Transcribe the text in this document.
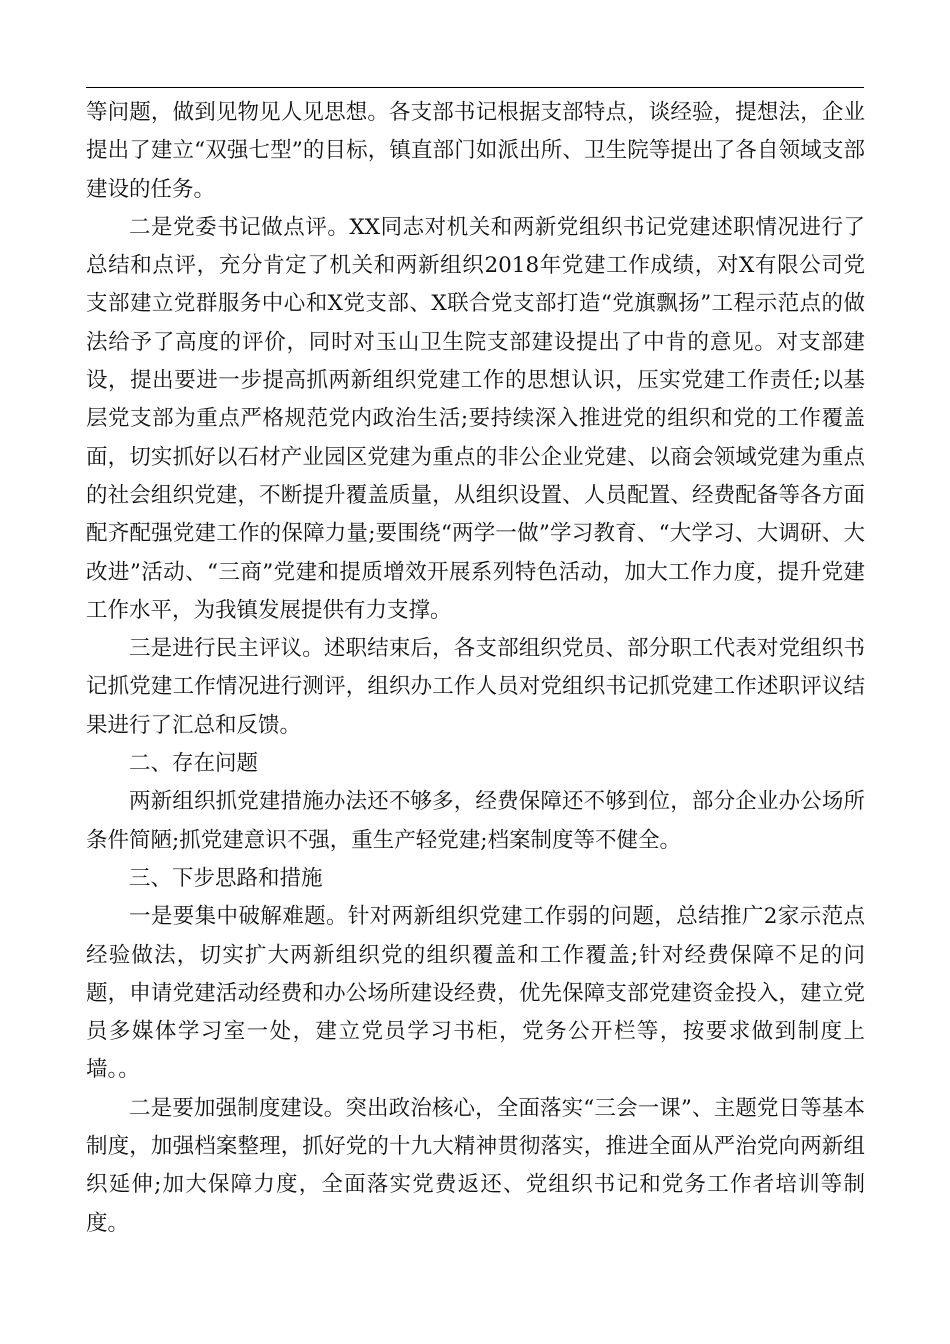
等问题，做到见物见人见思想。各支部书记根据支部特点，谈经验，提想法，企业提出了建立“双强七型”的目标，镇直部门如派出所、卫生院等提出了各自领域支部建设的任务。

二是党委书记做点评。XX同志对机关和两新党组织书记党建述职情况进行了总结和点评，充分肯定了机关和两新组织2018年党建工作成绩，对X有限公司党支部建立党群服务中心和X党支部、X联合党支部打造“党旗飘扬”工程示范点的做法给予了高度的评价，同时对玉山卫生院支部建设提出了中肯的意见。对支部建设，提出要进一步提高抓两新组织党建工作的思想认识，压实党建工作责任;以基层党支部为重点严格规范党内政治生活;要持续深入推进党的组织和党的工作覆盖面，切实抓好以石材产业园区党建为重点的非公企业党建、以商会领域党建为重点的社会组织党建，不断提升覆盖质量，从组织设置、人员配置、经费配备等各方面配齐配强党建工作的保障力量;要围绕“两学一做”学习教育、“大学习、大调研、大改进”活动、“三商”党建和提质增效开展系列特色活动，加大工作力度，提升党建工作水平，为我镇发展提供有力支撑。

三是进行民主评议。述职结束后，各支部组织党员、部分职工代表对党组织书记抓党建工作情况进行测评，组织办工作人员对党组织书记抓党建工作述职评议结果进行了汇总和反馈。

二、存在问题

两新组织抓党建措施办法还不够多，经费保障还不够到位，部分企业办公场所条件简陋;抓党建意识不强，重生产轻党建;档案制度等不健全。

三、下步思路和措施

一是要集中破解难题。针对两新组织党建工作弱的问题，总结推广2家示范点经验做法，切实扩大两新组织党的组织覆盖和工作覆盖;针对经费保障不足的问题，申请党建活动经费和办公场所建设经费，优先保障支部党建资金投入，建立党员多媒体学习室一处，建立党员学习书柜，党务公开栏等，按要求做到制度上墙。。

二是要加强制度建设。突出政治核心，全面落实“三会一课”、主题党日等基本制度，加强档案整理，抓好党的十九大精神贯彻落实，推进全面从严治党向两新组织延伸;加大保障力度，全面落实党费返还、党组织书记和党务工作者培训等制度。
